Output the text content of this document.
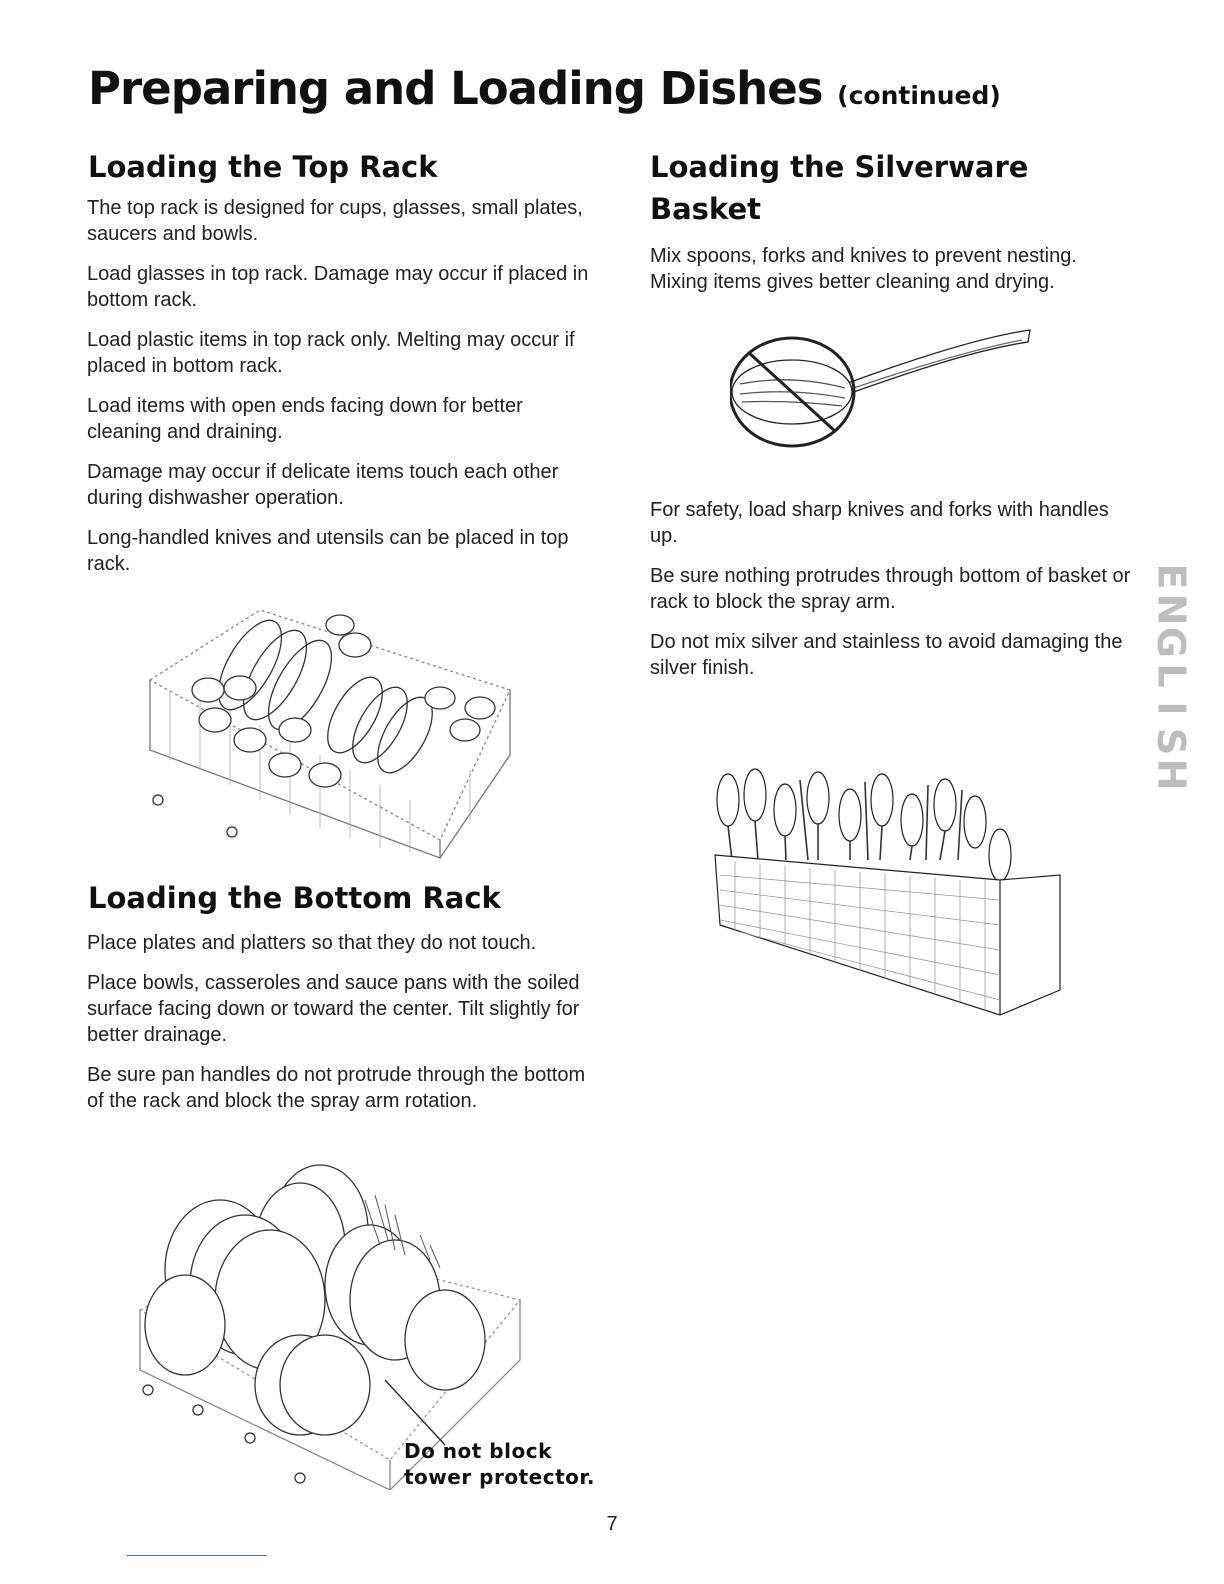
Preparing and Loading Dishes (continued)
Loading the Top Rack

The top rack is designed for cups, glasses, small plates, saucers and bowls.

Load glasses in top rack. Damage may occur if placed in bottom rack.

Load plastic items in top rack only. Melting may occur if placed in bottom rack.

Load items with open ends facing down for better cleaning and draining.

Damage may occur if delicate items touch each other during dishwasher operation.

Long-handled knives and utensils can be placed in top rack.

Loading the Bottom Rack

Place plates and platters so that they do not touch.

Place bowls, casseroles and sauce pans with the soiled surface facing down or toward the center. Tilt slightly for better drainage.

Be sure pan handles do not protrude through the bottom of the rack and block the spray arm rotation.

Do not block
tower protector.
Loading the Silverware
Basket

Mix spoons, forks and knives to prevent nesting. Mixing items gives better cleaning and drying.

For safety, load sharp knives and forks with handles up.

Be sure nothing protrudes through bottom of basket or rack to block the spray arm.

Do not mix silver and stainless to avoid damaging the silver finish.

E
N
G
L
I
S
H
7
